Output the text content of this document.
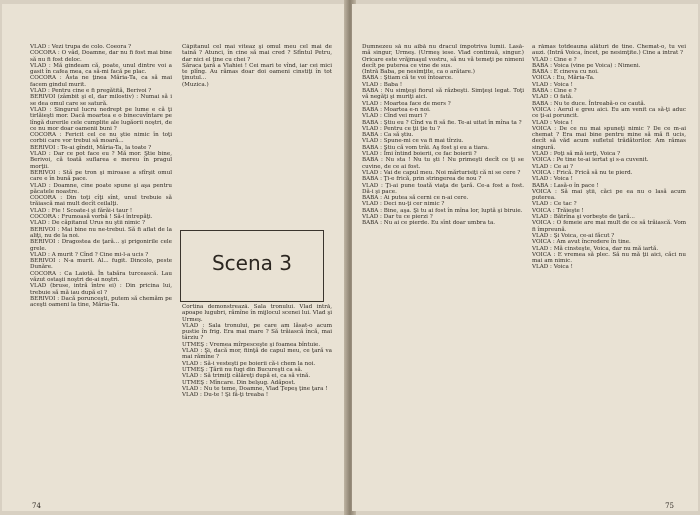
VLAD : Vezi trupa de colo. Coeora ?

COCORA : O văd, Doamne, dar nu fi fost mai bine să nu fi fost deloc.

VLAD : Mă gindeam că, poate, unul dintre voi a gasit în cafea mea, ca să-mi facă pe plac.

COCORA : Ăsta ne ţinea Măria-Ta, ca să mai facem gindul murit.

VLAD : Pentru cine e fi pregătită, Berivoi ?

BERIVOI (zâmbit şi el, dar milostiv) : Numai să i se dea omul care se satură.

VLAD : Singurul lucru nedrept pe lume e că ţi tirlăieşti mor. Dacă moartea e o binecuvîntare pe lîngă durerile cele cumplite ale lugăorii noştri, de ce nu mor doar oamenii buni ?

COCORA : Fericit cel ce nu ştie nimic în toţi corbii care vor trebui să moară...

BERIVOI : Te-ai gîndit, Măria-Ta, la toate ?

VLAD : Dar ce pot face eu ? Mă mor. Ştie bine, Berivoi, că toată suflarea e mereu în pragul morţii.

BERIVOI : Stă pe tron şi miroase a sfîrşit omul care e în bună pace.

VLAD : Doamne, cine poate spune şi aşa pentru păcatele noastre.

COCORA : Din toţi cîţi sînt, unul trebuie să trăiască mai mult decît ceilalţi.

VLAD : Fie ! Scoate-i şi fărăi-i taur !

COCORA : Frumoasă vorbă ! Să-i întrepăţi.

VLAD : De căpitanul Urus nu ştii nimic ?

BERIVOI : Mai bine nu ne-trebui. Să fi aflat de la aliţi, nu de la noi.

BERIVOI : Dragostea de ţară... şi prigonirile cele grele.

VLAD : A murit ? Cînd ? Cine mi-l-a ucis ?

BERIVOI : N-a murit. Al... fugit. Dincolo, peste Dunăre.

COCORA : Ca Laiotă. În tabăra turcească. Lau văzut ostaşii noştri de-ai noştri.

VLAD (bruse, intră între ei) : Din pricina lui, trebuie să mă iau după el ?

BERIVOI : Dacă porunceşti, putem să chemăm pe aceşti oameni la tine, Măria-Ta.

Căpitanul cel mai viteaz şi omul meu cel mai de taină ? Atunci, în cine să mai cred ? Sfîntul Petru, dar nici el ţine cu chei ?

Săraca ţară a Vlahiei ! Cei mari te vînd, iar cei mici te plîng. Au rămas doar doi oameni cinstiţi în tot ţinutul...

(Muzica.)

Scena 3

Cortina demonstrează. Sala tronului. Vlad intră, apoape lugubri, rămîne în mijlocul scenei lui. Vlad şi Urmeş.

VLAD : Sala tronului, pe care am lăsat-o acum pustie în frig. Era mai mare ? Să trăiască încă, mai târziu ?

UTMEŞ : Vremea mîrpesceşte şi foamea bîntuie.

VLAD : Şi, dacă mor, fiinţă de capul meu, ce ţară va mai rămîne ?

VLAD : Să-i vesteşti pe boierii că-i chem la noi.

UTMEŞ : Ţării nu fugi din Bucureşti ca să.

VLAD : Să trimiţi călăreţi după ei, ca să vină.

UTMEŞ : Mîncare. Din belşug. Adăpost.

VLAD : Nu te teme, Doamne, Vlad Ţepeş ţine ţara !

VLAD : Du-te ! Şi fă-ţi treaba !

74

Dumnezeu să nu aibă nu dracul împotriva lumii. Lasă-mă singur, Urmeş. (Urmeş iese. Vlad continuă, singur.) Oricare este vrăjmaşul vostru, să nu vă temeţi pe nimeni decît pe puterea ce vine de sus.

(Intră Baba, pe nesimţite, ca o arătare.)

BABA : Ştiam că te voi întoarce.

VLAD : Baba !

BABA : Nu simţeşi fiorul să răzbeşti. Simţeşi legat. Toţi vă negăţi şi muriţi aici.

VLAD : Moartea face de mers ?

BABA : Moartea e-n noi.

VLAD : Cînd vei muri ?

BABA : Ştiu eu ? Cînd va fi să fie. Te-ai uitat în mîna ta ?

VLAD : Pentru ce ţii ţie tu ?

BABA : Ca să ştiu.

VLAD : Spune-mi ce va fi mai tîrziu.

BABA : Ştiu că vom trăi. Aş fost şi eu a tiara.

VLAD : Îmi întind boierii, ce fac boierii ?

BABA : Nu sta ! Nu tu şti ! Nu primeşti decît ce ţi se cuvine, de ce ai fost.

VLAD : Vai de capul meu. Noi mărturisiţi că ni se cere ?

BABA : Ţi-e frică, prin stringerea de nou ?

VLAD : Ţi-ai pune toată viaţa de ţară. Ce-a fost a fost. Dă-i şi pace.

BABA : Ai putea să cerni ce n-ai cere.

VLAD : Deci nu-ţi cer nimic ?

BABA : Bine, aşa. Şi tu ai fost în mîna lor, luptă şi biruie.

VLAD : Dar tu ce pierzi ?

BABA : Nu ai ce pierde. Eu sînt doar umbra ta.

a rămas totdeauna alături de tine. Chemat-o, tu vei auzi. (Intră Voica, încet, pe nesimţite.) Cine a intrat ?

VLAD : Cine e ?

BABA : Voica (vine pe Voica) : Nimeni.

BABA : E cineva cu noi.

VOICA : Eu, Măria-Ta.

VLAD : Voica !

BABA : Cine e ?

VLAD : O fată.

BABA : Nu te duce. Întreabă-o ce caută.

VOICA : Aerul e greu aici. Eu am venit ca să-ţi aduc ce ţi-ai poruncit.

VLAD : Voica !

VOICA : De ce nu mai spuneţi nimic ? De ce m-ai chemat ? Era mai bine pentru mine să mă fi ucis, decît să văd acum sufletul trădătorilor. Am rămas singură.

VLAD : Poţi să mă ierţi, Voica ?

VOICA : Pe tine te-ai iertat şi s-a cuvenit.

VLAD : Ce ai ?

VOICA : Frică. Frică să nu te pierd.

VLAD : Voica !

BABA : Lasă-o în pace !

VOICA : Să mai ştii, căci pe ea nu o lasă acum puterea.

VLAD : Ce tac ?

VOICA : Trăieşte !

VLAD : Bătrîna şi vorbeşte de ţară...

VOICA : O femeie are mai mult de ce să trăiască. Vom fi împreună.

VLAD : Şi Voica, ce-ai făcut ?

VOICA : Am avut încredere în tine.

VLAD : Mă cinsteşte, Voica, dar nu mă iartă.

VOICA : E vremea să plec. Să nu mă ţii aici, căci nu mai am nimic.

VLAD : Voica !

75
